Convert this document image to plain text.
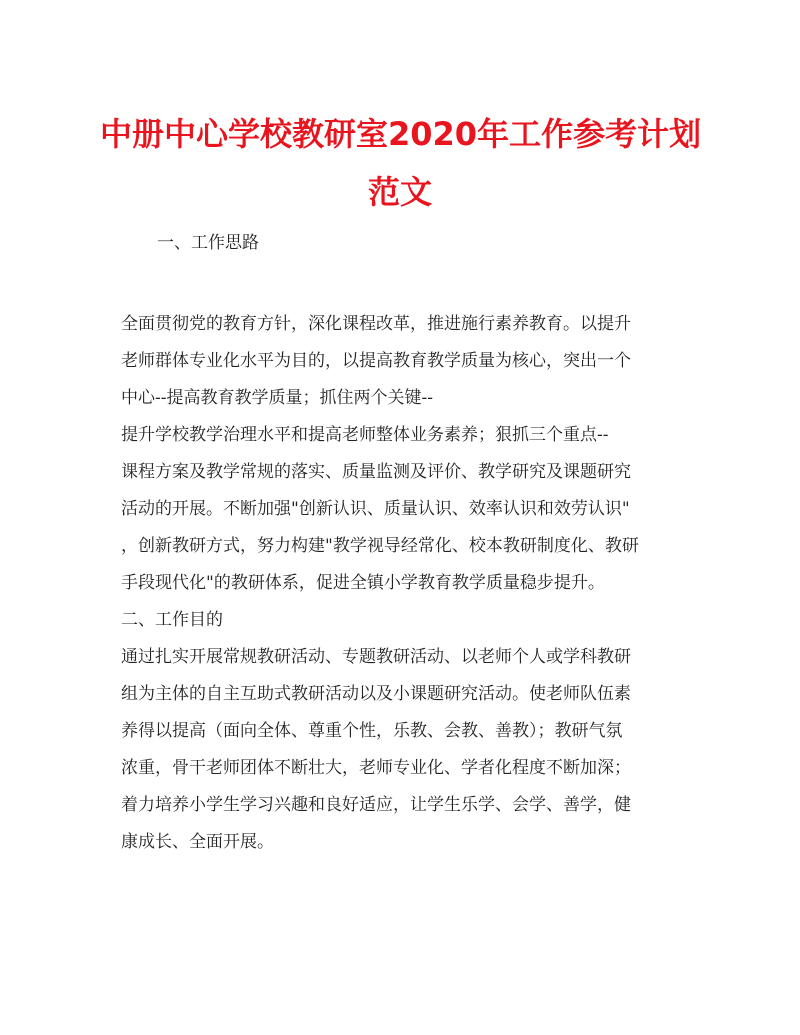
中册中心学校教研室2020年工作参考计划
范文
一、工作思路
全面贯彻党的教育方针，深化课程改革，推进施行素养教育。以提升
老师群体专业化水平为目的，以提高教育教学质量为核心，突出一个
中心--提高教育教学质量；抓住两个关键--
提升学校教学治理水平和提高老师整体业务素养；狠抓三个重点--
课程方案及教学常规的落实、质量监测及评价、教学研究及课题研究
活动的开展。不断加强"创新认识、质量认识、效率认识和效劳认识"
，创新教研方式，努力构建"教学视导经常化、校本教研制度化、教研
手段现代化"的教研体系，促进全镇小学教育教学质量稳步提升。
二、工作目的
通过扎实开展常规教研活动、专题教研活动、以老师个人或学科教研
组为主体的自主互助式教研活动以及小课题研究活动。使老师队伍素
养得以提高（面向全体、尊重个性，乐教、会教、善教）；教研气氛
浓重，骨干老师团体不断壮大，老师专业化、学者化程度不断加深；
着力培养小学生学习兴趣和良好适应，让学生乐学、会学、善学，健
康成长、全面开展。
